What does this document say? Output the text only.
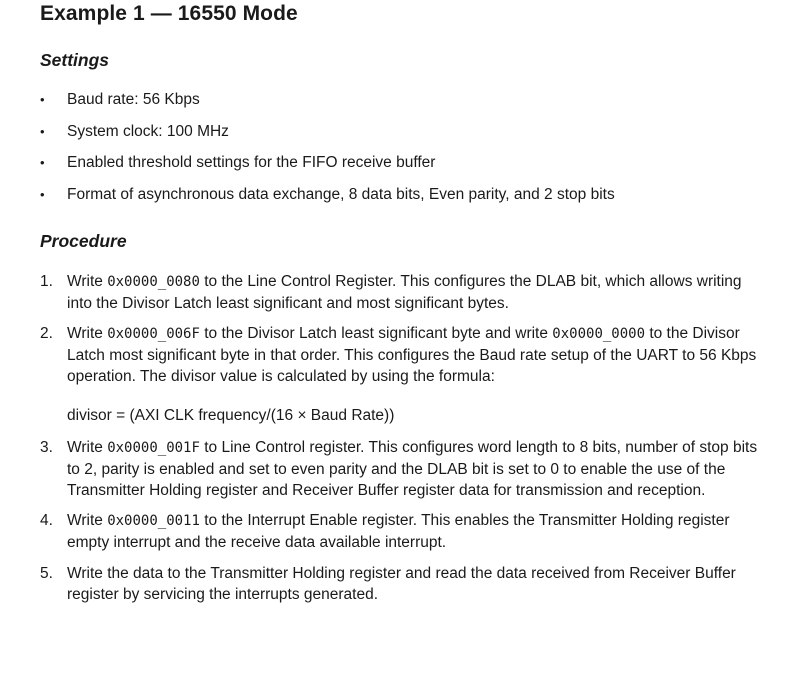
Example 1 — 16550 Mode
Settings
• Baud rate: 56 Kbps
• System clock: 100 MHz
• Enabled threshold settings for the FIFO receive buffer
• Format of asynchronous data exchange, 8 data bits, Even parity, and 2 stop bits
Procedure
1. Write 0x0000_0080 to the Line Control Register. This configures the DLAB bit, which allows writing into the Divisor Latch least significant and most significant bytes.
2. Write 0x0000_006F to the Divisor Latch least significant byte and write 0x0000_0000 to the Divisor Latch most significant byte in that order. This configures the Baud rate setup of the UART to 56 Kbps operation. The divisor value is calculated by using the formula:
divisor = (AXI CLK frequency/(16 × Baud Rate))
3. Write 0x0000_001F to Line Control register. This configures word length to 8 bits, number of stop bits to 2, parity is enabled and set to even parity and the DLAB bit is set to 0 to enable the use of the Transmitter Holding register and Receiver Buffer register data for transmission and reception.
4. Write 0x0000_0011 to the Interrupt Enable register. This enables the Transmitter Holding register empty interrupt and the receive data available interrupt.
5. Write the data to the Transmitter Holding register and read the data received from Receiver Buffer register by servicing the interrupts generated.
